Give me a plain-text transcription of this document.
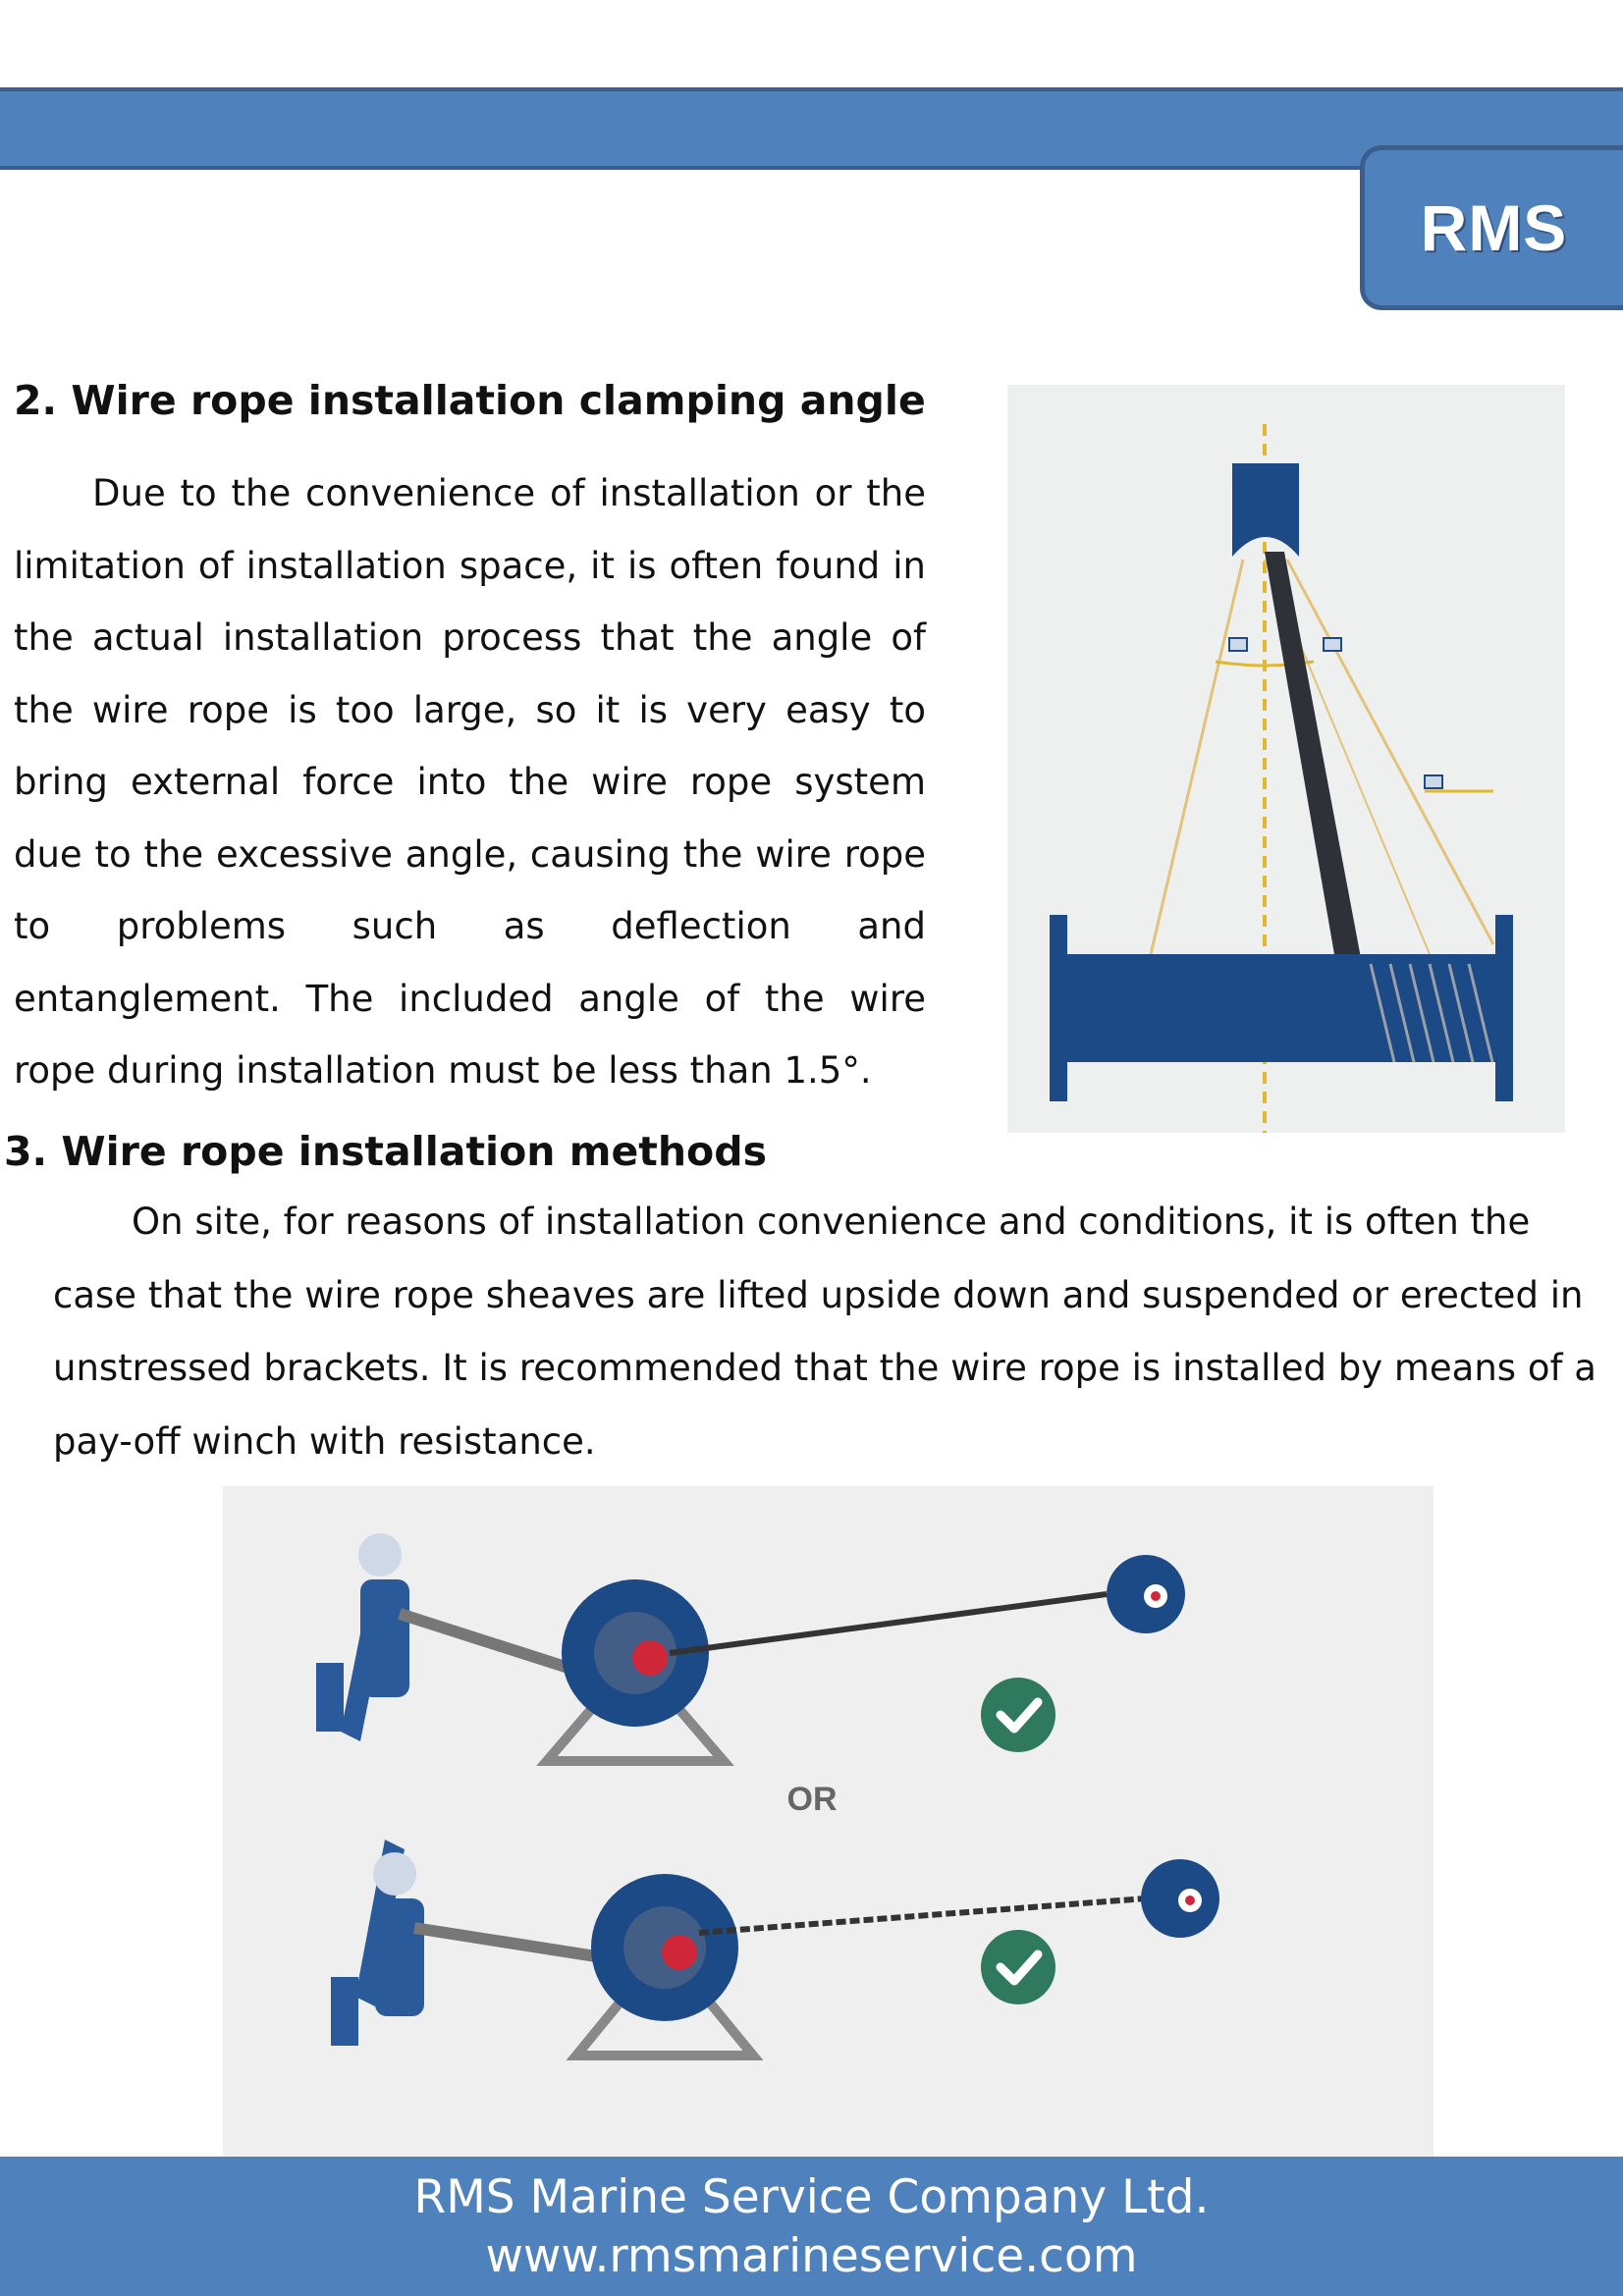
RMS
2. Wire rope installation clamping angle

Due to the convenience of installation or the limitation of installation space, it is often found in the actual installation process that the angle of the wire rope is too large, so it is very easy to bring external force into the wire rope system due to the excessive angle, causing the wire rope to problems such as deflection and entanglement. The included angle of the wire rope during installation must be less than 1.5°.

3. Wire rope installation methods

On site, for reasons of installation convenience and conditions, it is often the case that the wire rope sheaves are lifted upside down and suspended or erected in unstressed brackets. It is recommended that the wire rope is installed by means of a pay-off winch with resistance.

OR
RMS Marine Service Company Ltd.
www.rmsmarineservice.com
